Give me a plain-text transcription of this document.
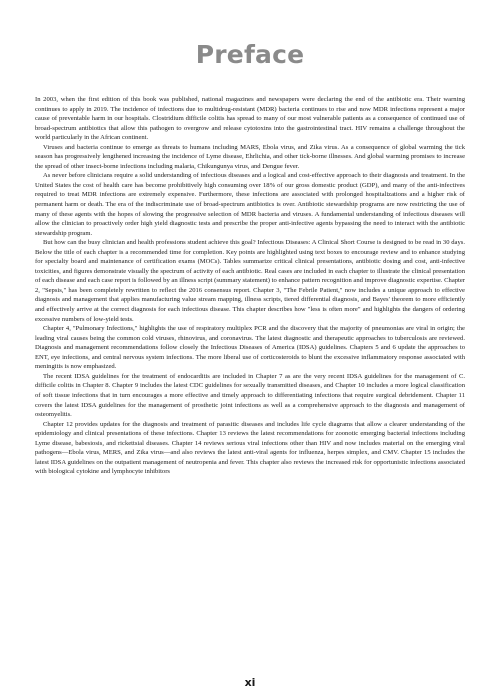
Preface

In 2003, when the first edition of this book was published, national magazines and newspapers were declaring the end of the antibiotic era. Their warning continues to apply in 2019. The incidence of infections due to multidrug-resistant (MDR) bacteria continues to rise and now MDR infections represent a major cause of preventable harm in our hospitals. Clostridium difficile colitis has spread to many of our most vulnerable patients as a consequence of continued use of broad-spectrum antibiotics that allow this pathogen to overgrow and release cytotoxins into the gastrointestinal tract. HIV remains a challenge throughout the world particularly in the African continent.

Viruses and bacteria continue to emerge as threats to humans including MARS, Ebola virus, and Zika virus. As a consequence of global warming the tick season has progressively lengthened increasing the incidence of Lyme disease, Ehrlichia, and other tick-borne illnesses. And global warming promises to increase the spread of other insect-borne infections including malaria, Chikungunya virus, and Dengue fever.

As never before clinicians require a solid understanding of infectious diseases and a logical and cost-effective approach to their diagnosis and treatment. In the United States the cost of health care has become prohibitively high consuming over 18% of our gross domestic product (GDP), and many of the anti-infectives required to treat MDR infections are extremely expensive. Furthermore, these infections are associated with prolonged hospitalizations and a higher risk of permanent harm or death. The era of the indiscriminate use of broad-spectrum antibiotics is over. Antibiotic stewardship programs are now restricting the use of many of these agents with the hopes of slowing the progressive selection of MDR bacteria and viruses. A fundamental understanding of infectious diseases will allow the clinician to proactively order high yield diagnostic tests and prescribe the proper anti-infective agents bypassing the need to interact with the antibiotic stewardship program.

But how can the busy clinician and health professions student achieve this goal? Infectious Diseases: A Clinical Short Course is designed to be read in 30 days. Below the title of each chapter is a recommended time for completion. Key points are highlighted using text boxes to encourage review and to enhance studying for specialty board and maintenance of certification exams (MOCs). Tables summarize critical clinical presentations, antibiotic dosing and cost, anti-infective toxicities, and figures demonstrate visually the spectrum of activity of each antibiotic. Real cases are included in each chapter to illustrate the clinical presentation of each disease and each case report is followed by an illness script (summary statement) to enhance pattern recognition and improve diagnostic expertise. Chapter 2, "Sepsis," has been completely rewritten to reflect the 2016 consensus report. Chapter 3, "The Febrile Patient," now includes a unique approach to effective diagnosis and management that applies manufacturing value stream mapping, illness scripts, tiered differential diagnosis, and Bayes' theorem to more efficiently and effectively arrive at the correct diagnosis for each infectious disease. This chapter describes how "less is often more" and highlights the dangers of ordering excessive numbers of low-yield tests.

Chapter 4, "Pulmonary Infections," highlights the use of respiratory multiplex PCR and the discovery that the majority of pneumonias are viral in origin; the leading viral causes being the common cold viruses, rhinovirus, and coronavirus. The latest diagnostic and therapeutic approaches to tuberculosis are reviewed. Diagnosis and management recommendations follow closely the Infectious Diseases of America (IDSA) guidelines. Chapters 5 and 6 update the approaches to ENT, eye infections, and central nervous system infections. The more liberal use of corticosteroids to blunt the excessive inflammatory response associated with meningitis is now emphasized.

The recent IDSA guidelines for the treatment of endocarditis are included in Chapter 7 as are the very recent IDSA guidelines for the management of C. difficile colitis in Chapter 8. Chapter 9 includes the latest CDC guidelines for sexually transmitted diseases, and Chapter 10 includes a more logical classification of soft tissue infections that in turn encourages a more effective and timely approach to differentiating infections that require surgical debridement. Chapter 11 covers the latest IDSA guidelines for the management of prosthetic joint infections as well as a comprehensive approach to the diagnosis and management of osteomyelitis.

Chapter 12 provides updates for the diagnosis and treatment of parasitic diseases and includes life cycle diagrams that allow a clearer understanding of the epidemiology and clinical presentations of these infections. Chapter 13 reviews the latest recommendations for zoonotic emerging bacterial infections including Lyme disease, babesiosis, and rickettsial diseases. Chapter 14 reviews serious viral infections other than HIV and now includes material on the emerging viral pathogens—Ebola virus, MERS, and Zika virus—and also reviews the latest anti-viral agents for influenza, herpes simplex, and CMV. Chapter 15 includes the latest IDSA guidelines on the outpatient management of neutropenia and fever. This chapter also reviews the increased risk for opportunistic infections associated with biological cytokine and lymphocyte inhibitors

xi
